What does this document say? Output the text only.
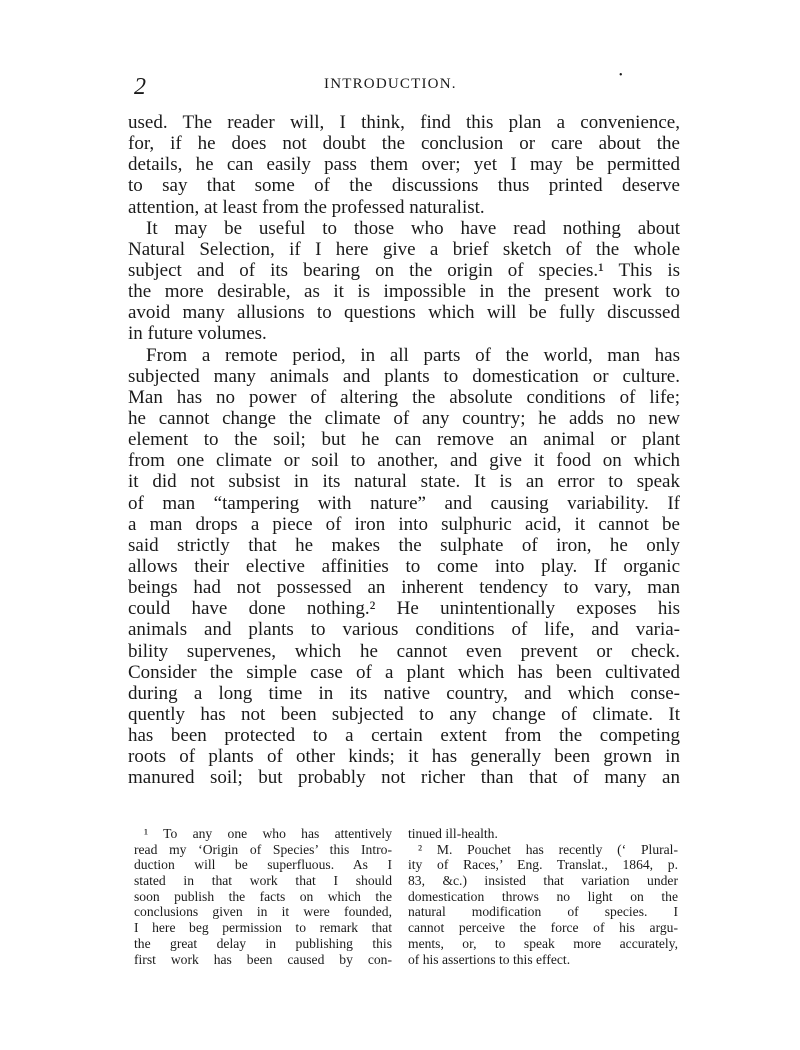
2	INTRODUCTION.
•
used. The reader will, I think, find this plan a convenience,
for, if he does not doubt the conclusion or care about the
details, he can easily pass them over; yet I may be permitted
to say that some of the discussions thus printed deserve
attention, at least from the professed naturalist.
It may be useful to those who have read nothing about
Natural Selection, if I here give a brief sketch of the whole
subject and of its bearing on the origin of species.¹ This is
the more desirable, as it is impossible in the present work to
avoid many allusions to questions which will be fully discussed
in future volumes.
From a remote period, in all parts of the world, man has
subjected many animals and plants to domestication or culture.
Man has no power of altering the absolute conditions of life;
he cannot change the climate of any country; he adds no new
element to the soil; but he can remove an animal or plant
from one climate or soil to another, and give it food on which
it did not subsist in its natural state. It is an error to speak
of man “tampering with nature” and causing variability. If
a man drops a piece of iron into sulphuric acid, it cannot be
said strictly that he makes the sulphate of iron, he only
allows their elective affinities to come into play. If organic
beings had not possessed an inherent tendency to vary, man
could have done nothing.² He unintentionally exposes his
animals and plants to various conditions of life, and varia-
bility supervenes, which he cannot even prevent or check.
Consider the simple case of a plant which has been cultivated
during a long time in its native country, and which conse-
quently has not been subjected to any change of climate. It
has been protected to a certain extent from the competing
roots of plants of other kinds; it has generally been grown in
manured soil; but probably not richer than that of many an
¹ To any one who has attentively
read my ‘Origin of Species’ this Intro-
duction will be superfluous. As I
stated in that work that I should
soon publish the facts on which the
conclusions given in it were founded,
I here beg permission to remark that
the great delay in publishing this
first work has been caused by con-
tinued ill-health.
² M. Pouchet has recently (‘ Plural-
ity of Races,’ Eng. Translat., 1864, p.
83, &c.) insisted that variation under
domestication throws no light on the
natural modification of species. I
cannot perceive the force of his argu-
ments, or, to speak more accurately,
of his assertions to this effect.
